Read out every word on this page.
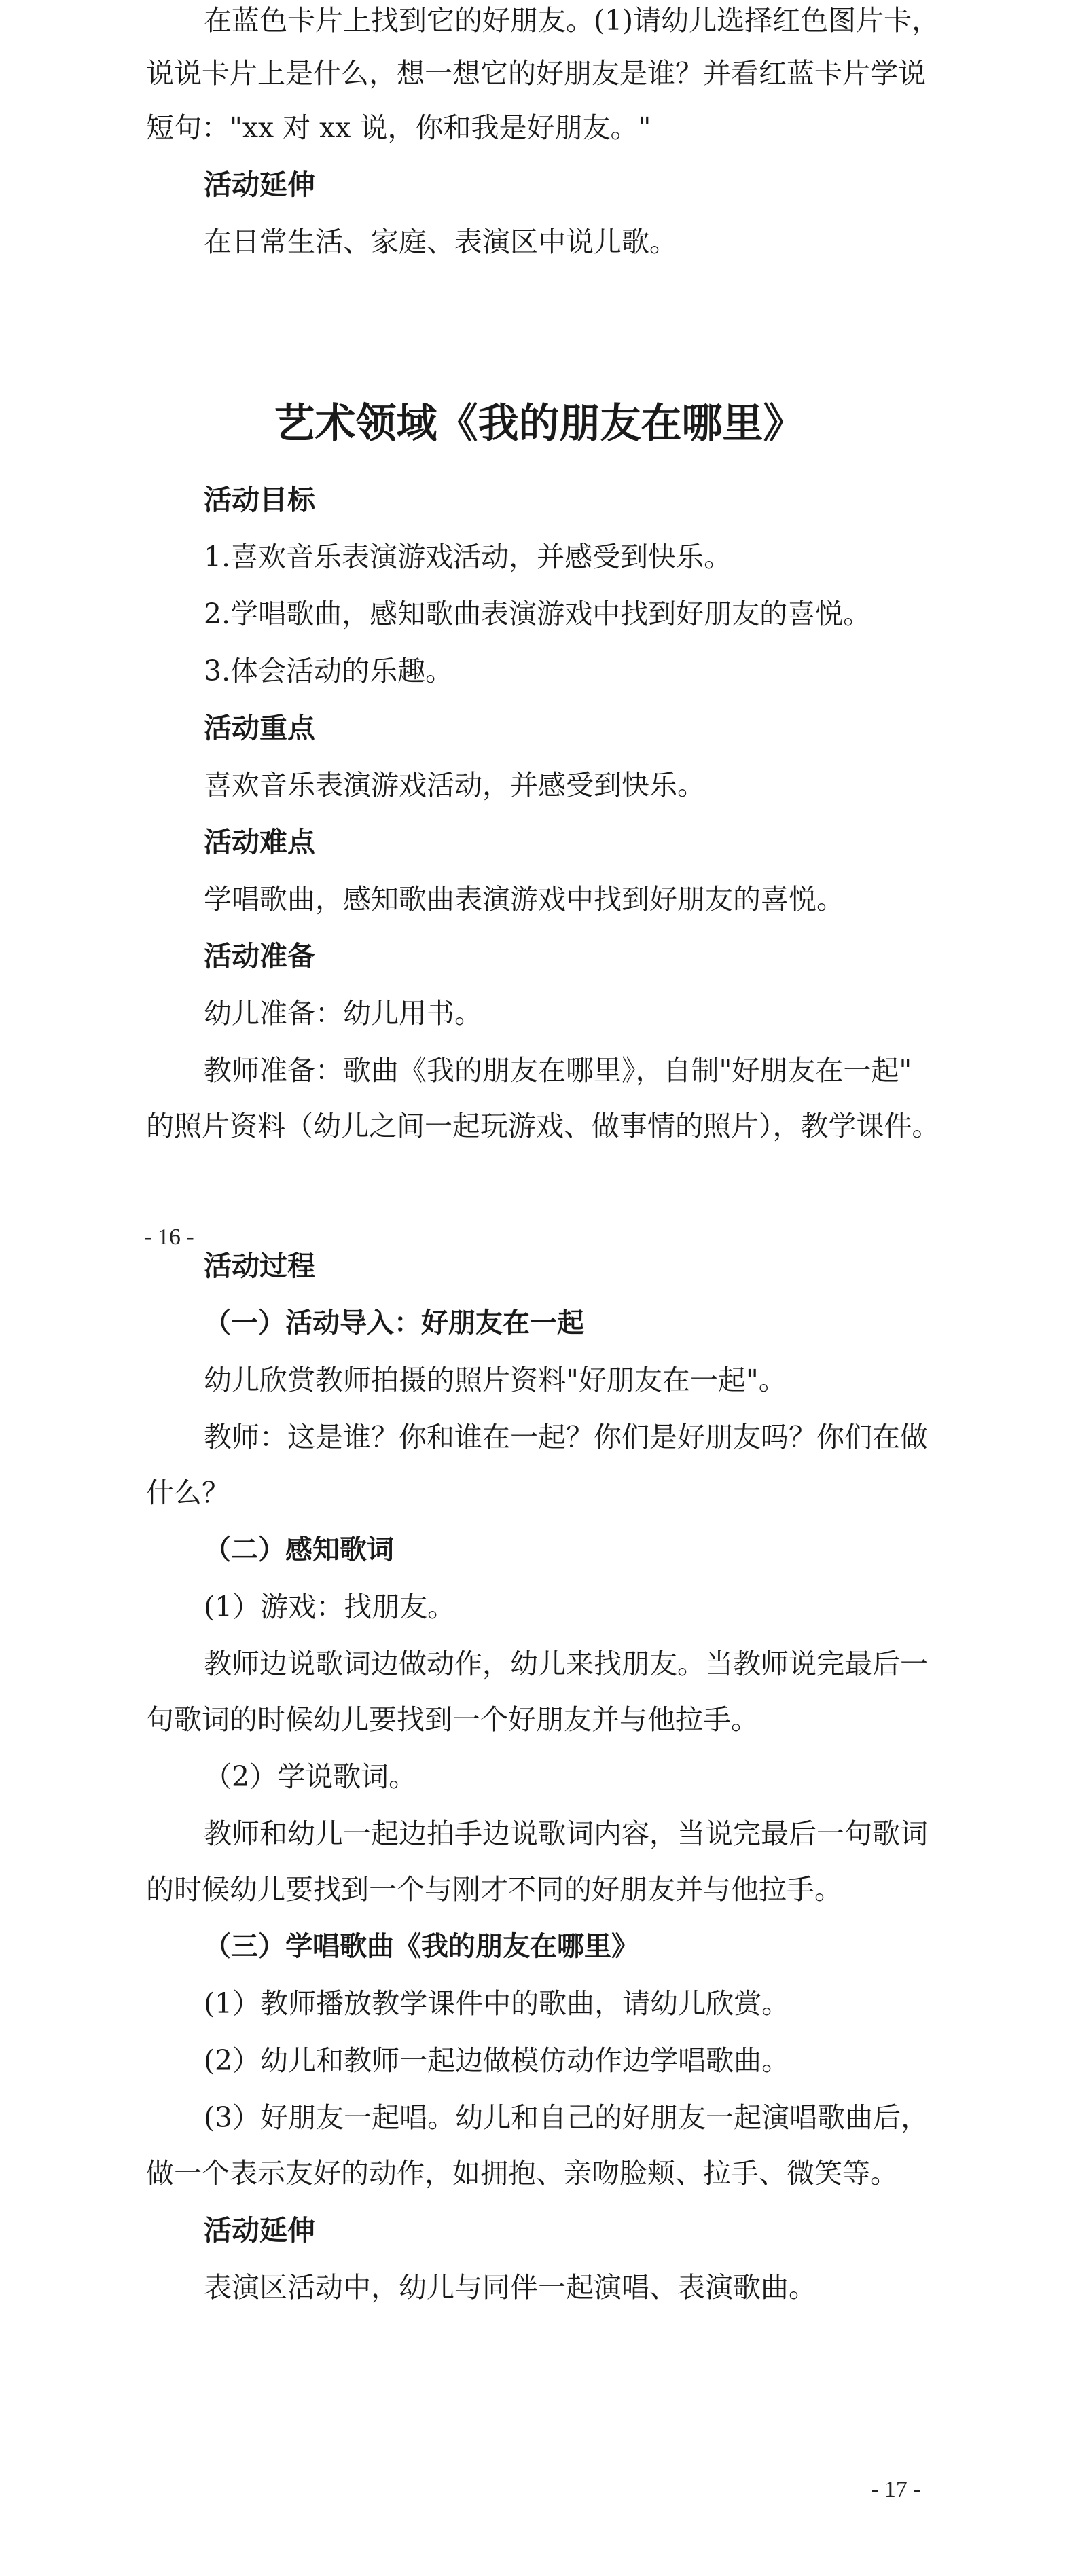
在蓝色卡片上找到它的好朋友。(1)请幼儿选择红色图片卡，

说说卡片上是什么，想一想它的好朋友是谁？并看红蓝卡片学说

短句："xx 对 xx 说，你和我是好朋友。"

活动延伸

在日常生活、家庭、表演区中说儿歌。

艺术领域《我的朋友在哪里》

活动目标

1.喜欢音乐表演游戏活动，并感受到快乐。

2.学唱歌曲，感知歌曲表演游戏中找到好朋友的喜悦。

3.体会活动的乐趣。

活动重点

喜欢音乐表演游戏活动，并感受到快乐。

活动难点

学唱歌曲，感知歌曲表演游戏中找到好朋友的喜悦。

活动准备

幼儿准备：幼儿用书。

教师准备：歌曲《我的朋友在哪里》，自制"好朋友在一起"

的照片资料（幼儿之间一起玩游戏、做事情的照片），教学课件。

- 16 -

活动过程

（一）活动导入：好朋友在一起

幼儿欣赏教师拍摄的照片资料"好朋友在一起"。

教师：这是谁？你和谁在一起？你们是好朋友吗？你们在做

什么？

（二）感知歌词

(1）游戏：找朋友。

教师边说歌词边做动作，幼儿来找朋友。当教师说完最后一

句歌词的时候幼儿要找到一个好朋友并与他拉手。

（2）学说歌词。

教师和幼儿一起边拍手边说歌词内容，当说完最后一句歌词

的时候幼儿要找到一个与刚才不同的好朋友并与他拉手。

（三）学唱歌曲《我的朋友在哪里》

(1）教师播放教学课件中的歌曲，请幼儿欣赏。

(2）幼儿和教师一起边做模仿动作边学唱歌曲。

(3）好朋友一起唱。幼儿和自己的好朋友一起演唱歌曲后，

做一个表示友好的动作，如拥抱、亲吻脸颊、拉手、微笑等。

活动延伸

表演区活动中，幼儿与同伴一起演唱、表演歌曲。

- 17 -
